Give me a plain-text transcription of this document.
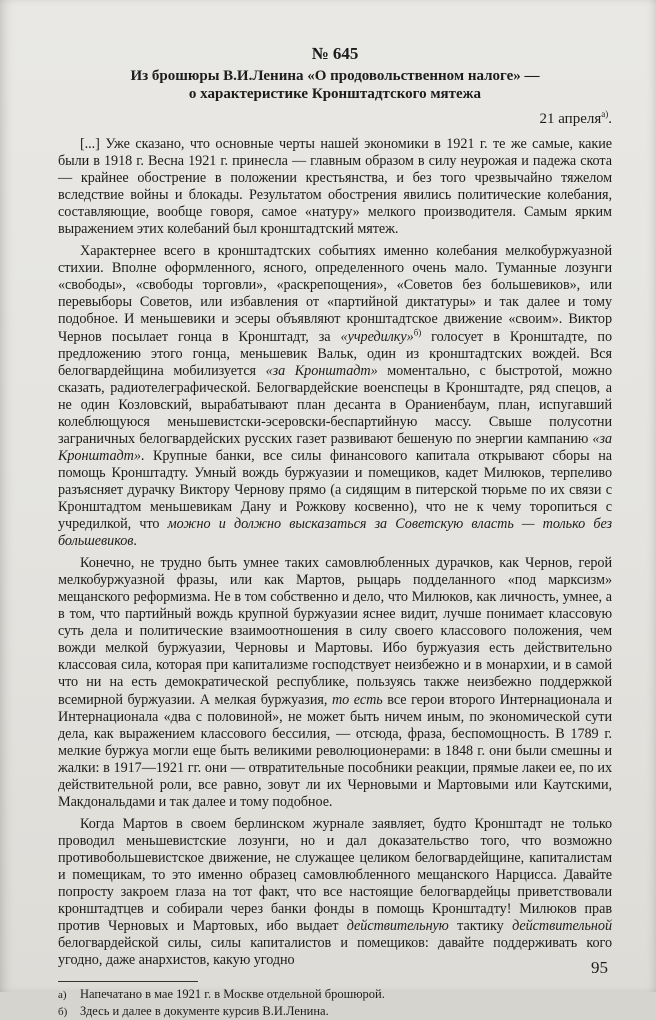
№ 645
Из брошюры В.И.Ленина «О продовольственном налоге» —
о характеристике Кронштадтского мятежа
21 апреля$^{а)}$.

[...] Уже сказано, что основные черты нашей экономики в 1921 г. те же самые, какие были в 1918 г. Весна 1921 г. принесла — главным образом в силу неурожая и падежа скота — крайнее обострение в положении крестьянства, и без того чрезвычайно тяжелом вследствие войны и блокады. Результатом обострения явились политические колебания, составляющие, вообще говоря, самое «натуру» мелкого производителя. Самым ярким выражением этих колебаний был кронштадтский мятеж.

Характернее всего в кронштадтских событиях именно колебания мелкобуржуазной стихии. Вполне оформленного, ясного, определенного очень мало. Туманные лозунги «свободы», «свободы торговли», «раскрепощения», «Советов без большевиков», или перевыборы Советов, или избавления от «партийной диктатуры» и так далее и тому подобное. И меньшевики и эсеры объявляют кронштадтское движение «своим». Виктор Чернов посылает гонца в Кронштадт, за «учредилку»$^{б)}$ голосует в Кронштадте, по предложению этого гонца, меньшевик Вальк, один из кронштадтских вождей. Вся белогвардейщина мобилизуется «за Кронштадт» моментально, с быстротой, можно сказать, радиотелеграфической. Белогвардейские военспецы в Кронштадте, ряд спецов, а не один Козловский, вырабатывают план десанта в Ораниенбаум, план, испугавший колеблющуюся меньшевистски-эсеровски-беспартийную массу. Свыше полусотни заграничных белогвардейских русских газет развивают бешеную по энергии кампанию «за Кронштадт». Крупные банки, все силы финансового капитала открывают сборы на помощь Кронштадту. Умный вождь буржуазии и помещиков, кадет Милюков, терпеливо разъясняет дурачку Виктору Чернову прямо (а сидящим в питерской тюрьме по их связи с Кронштадтом меньшевикам Дану и Рожкову косвенно), что не к чему торопиться с учредилкой, что можно и должно высказаться за Советскую власть — только без большевиков.

Конечно, не трудно быть умнее таких самовлюбленных дурачков, как Чернов, герой мелкобуржуазной фразы, или как Мартов, рыцарь подделанного «под марксизм» мещанского реформизма. Не в том собственно и дело, что Милюков, как личность, умнее, а в том, что партийный вождь крупной буржуазии яснее видит, лучше понимает классовую суть дела и политические взаимоотношения в силу своего классового положения, чем вожди мелкой буржуазии, Черновы и Мартовы. Ибо буржуазия есть действительно классовая сила, которая при капитализме господствует неизбежно и в монархии, и в самой что ни на есть демократической республике, пользуясь также неизбежно поддержкой всемирной буржуазии. А мелкая буржуазия, то есть все герои второго Интернационала и Интернационала «два с половиной», не может быть ничем иным, по экономической сути дела, как выражением классового бессилия, — отсюда, фраза, беспомощность. В 1789 г. мелкие буржуа могли еще быть великими революционерами: в 1848 г. они были смешны и жалки: в 1917—1921 гг. они — отвратительные пособники реакции, прямые лакеи ее, по их действительной роли, все равно, зовут ли их Черновыми и Мартовыми или Каутскими, Макдональдами и так далее и тому подобное.

Когда Мартов в своем берлинском журнале заявляет, будто Кронштадт не только проводил меньшевистские лозунги, но и дал доказательство того, что возможно противобольшевистское движение, не служащее целиком белогвардейщине, капиталистам и помещикам, то это именно образец самовлюбленного мещанского Нарцисса. Давайте попросту закроем глаза на тот факт, что все настоящие белогвардейцы приветствовали кронштадтцев и собирали через банки фонды в помощь Кронштадту! Милюков прав против Черновых и Мартовых, ибо выдает действительную тактику действительной белогвардейской силы, силы капиталистов и помещиков: давайте поддерживать кого угодно, даже анархистов, какую угодно

а) Напечатано в мае 1921 г. в Москве отдельной брошюрой.
б) Здесь и далее в документе курсив В.И.Ленина.
95
